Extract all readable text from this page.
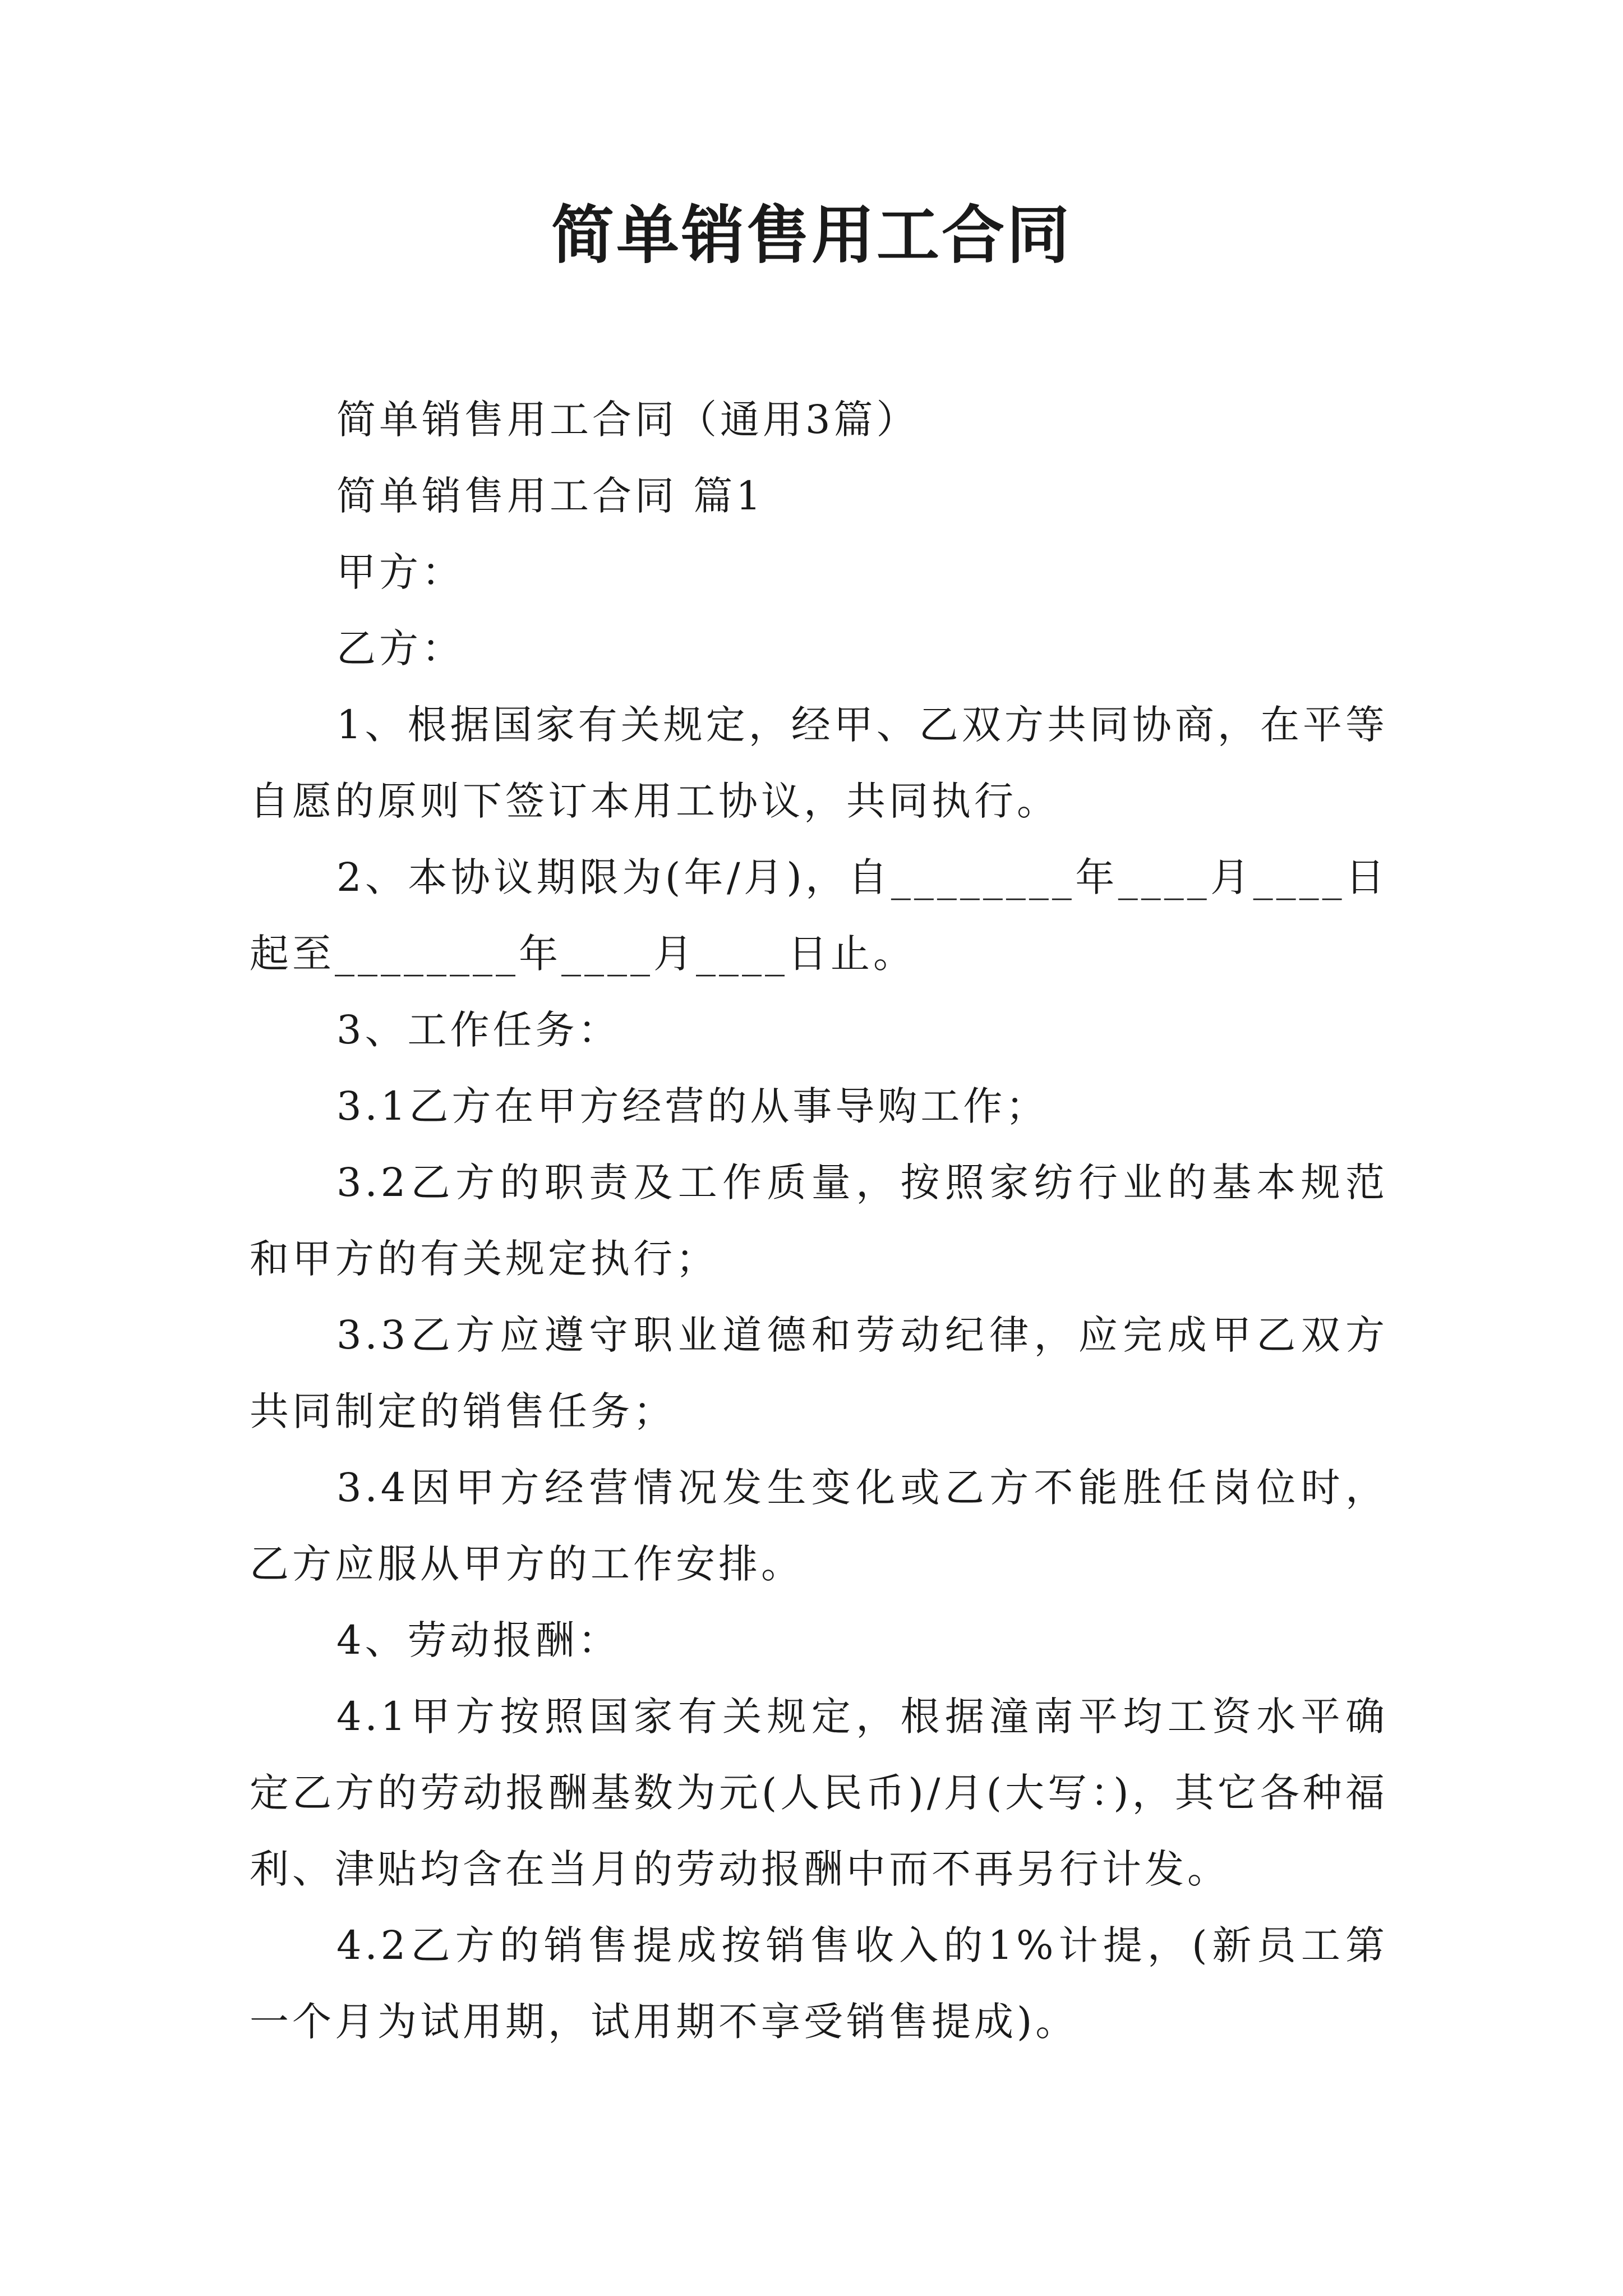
简单销售用工合同

简单销售用工合同（通用3篇）

简单销售用工合同 篇1

甲方：

乙方：

1、根据国家有关规定，经甲、乙双方共同协商，在平等自愿的原则下签订本用工协议，共同执行。

2、本协议期限为(年/月)，自________年____月____日起至________年____月____日止。

3、工作任务：

3.1乙方在甲方经营的从事导购工作；

3.2乙方的职责及工作质量，按照家纺行业的基本规范和甲方的有关规定执行；

3.3乙方应遵守职业道德和劳动纪律，应完成甲乙双方共同制定的销售任务；

3.4因甲方经营情况发生变化或乙方不能胜任岗位时，乙方应服从甲方的工作安排。

4、劳动报酬：

4.1甲方按照国家有关规定，根据潼南平均工资水平确定乙方的劳动报酬基数为元(人民币)/月(大写：)，其它各种福利、津贴均含在当月的劳动报酬中而不再另行计发。

4.2乙方的销售提成按销售收入的1%计提，(新员工第一个月为试用期，试用期不享受销售提成)。
